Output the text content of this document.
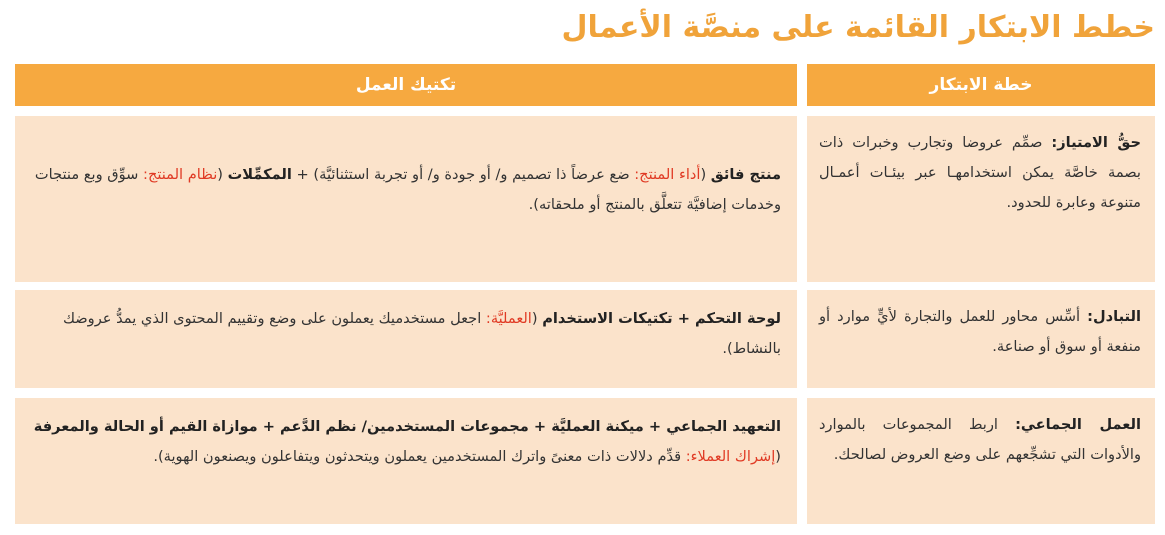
خطط الابتكار القائمة على منصَّة الأعمال
خطة الابتكار
تكتيك العمل
حقُّ الامتياز: صمِّم عروضا وتجارب وخبرات ذات بصمة خاصَّة يمكن استخدامهـا عبر بيئـات أعمـال متنوعة وعابرة للحدود.
منتج فائق (أداء المنتج: ضع عرضاً ذا تصميم و/ أو جودة و/ أو تجربة استثنائيَّة) + المكمِّلات (نظام المنتج: سوِّق وبع منتجات وخدمات إضافيَّة تتعلَّق بالمنتج أو ملحقاته).
التبادل: أسِّس محاور للعمل والتجارة لأيٍّ موارد أو منفعة أو سوق أو صناعة.
لوحة التحكم + تكتيكات الاستخدام (العمليَّة: اجعل مستخدميك يعملون على وضع وتقييم المحتوى الذي يمدُّ عروضك بالنشاط).
العمل الجماعي: اربط المجموعات بالموارد والأدوات التي تشجِّعهم على وضع العروض لصالحك.
التعهيد الجماعي + ميكنة العمليَّة + مجموعات المستخدمين/ نظم الدَّعم + موازاة القيم أو الحالة والمعرفة (إشراك العملاء: قدِّم دلالات ذات معنىً واترك المستخدمين يعملون ويتحدثون ويتفاعلون ويصنعون الهوية).
